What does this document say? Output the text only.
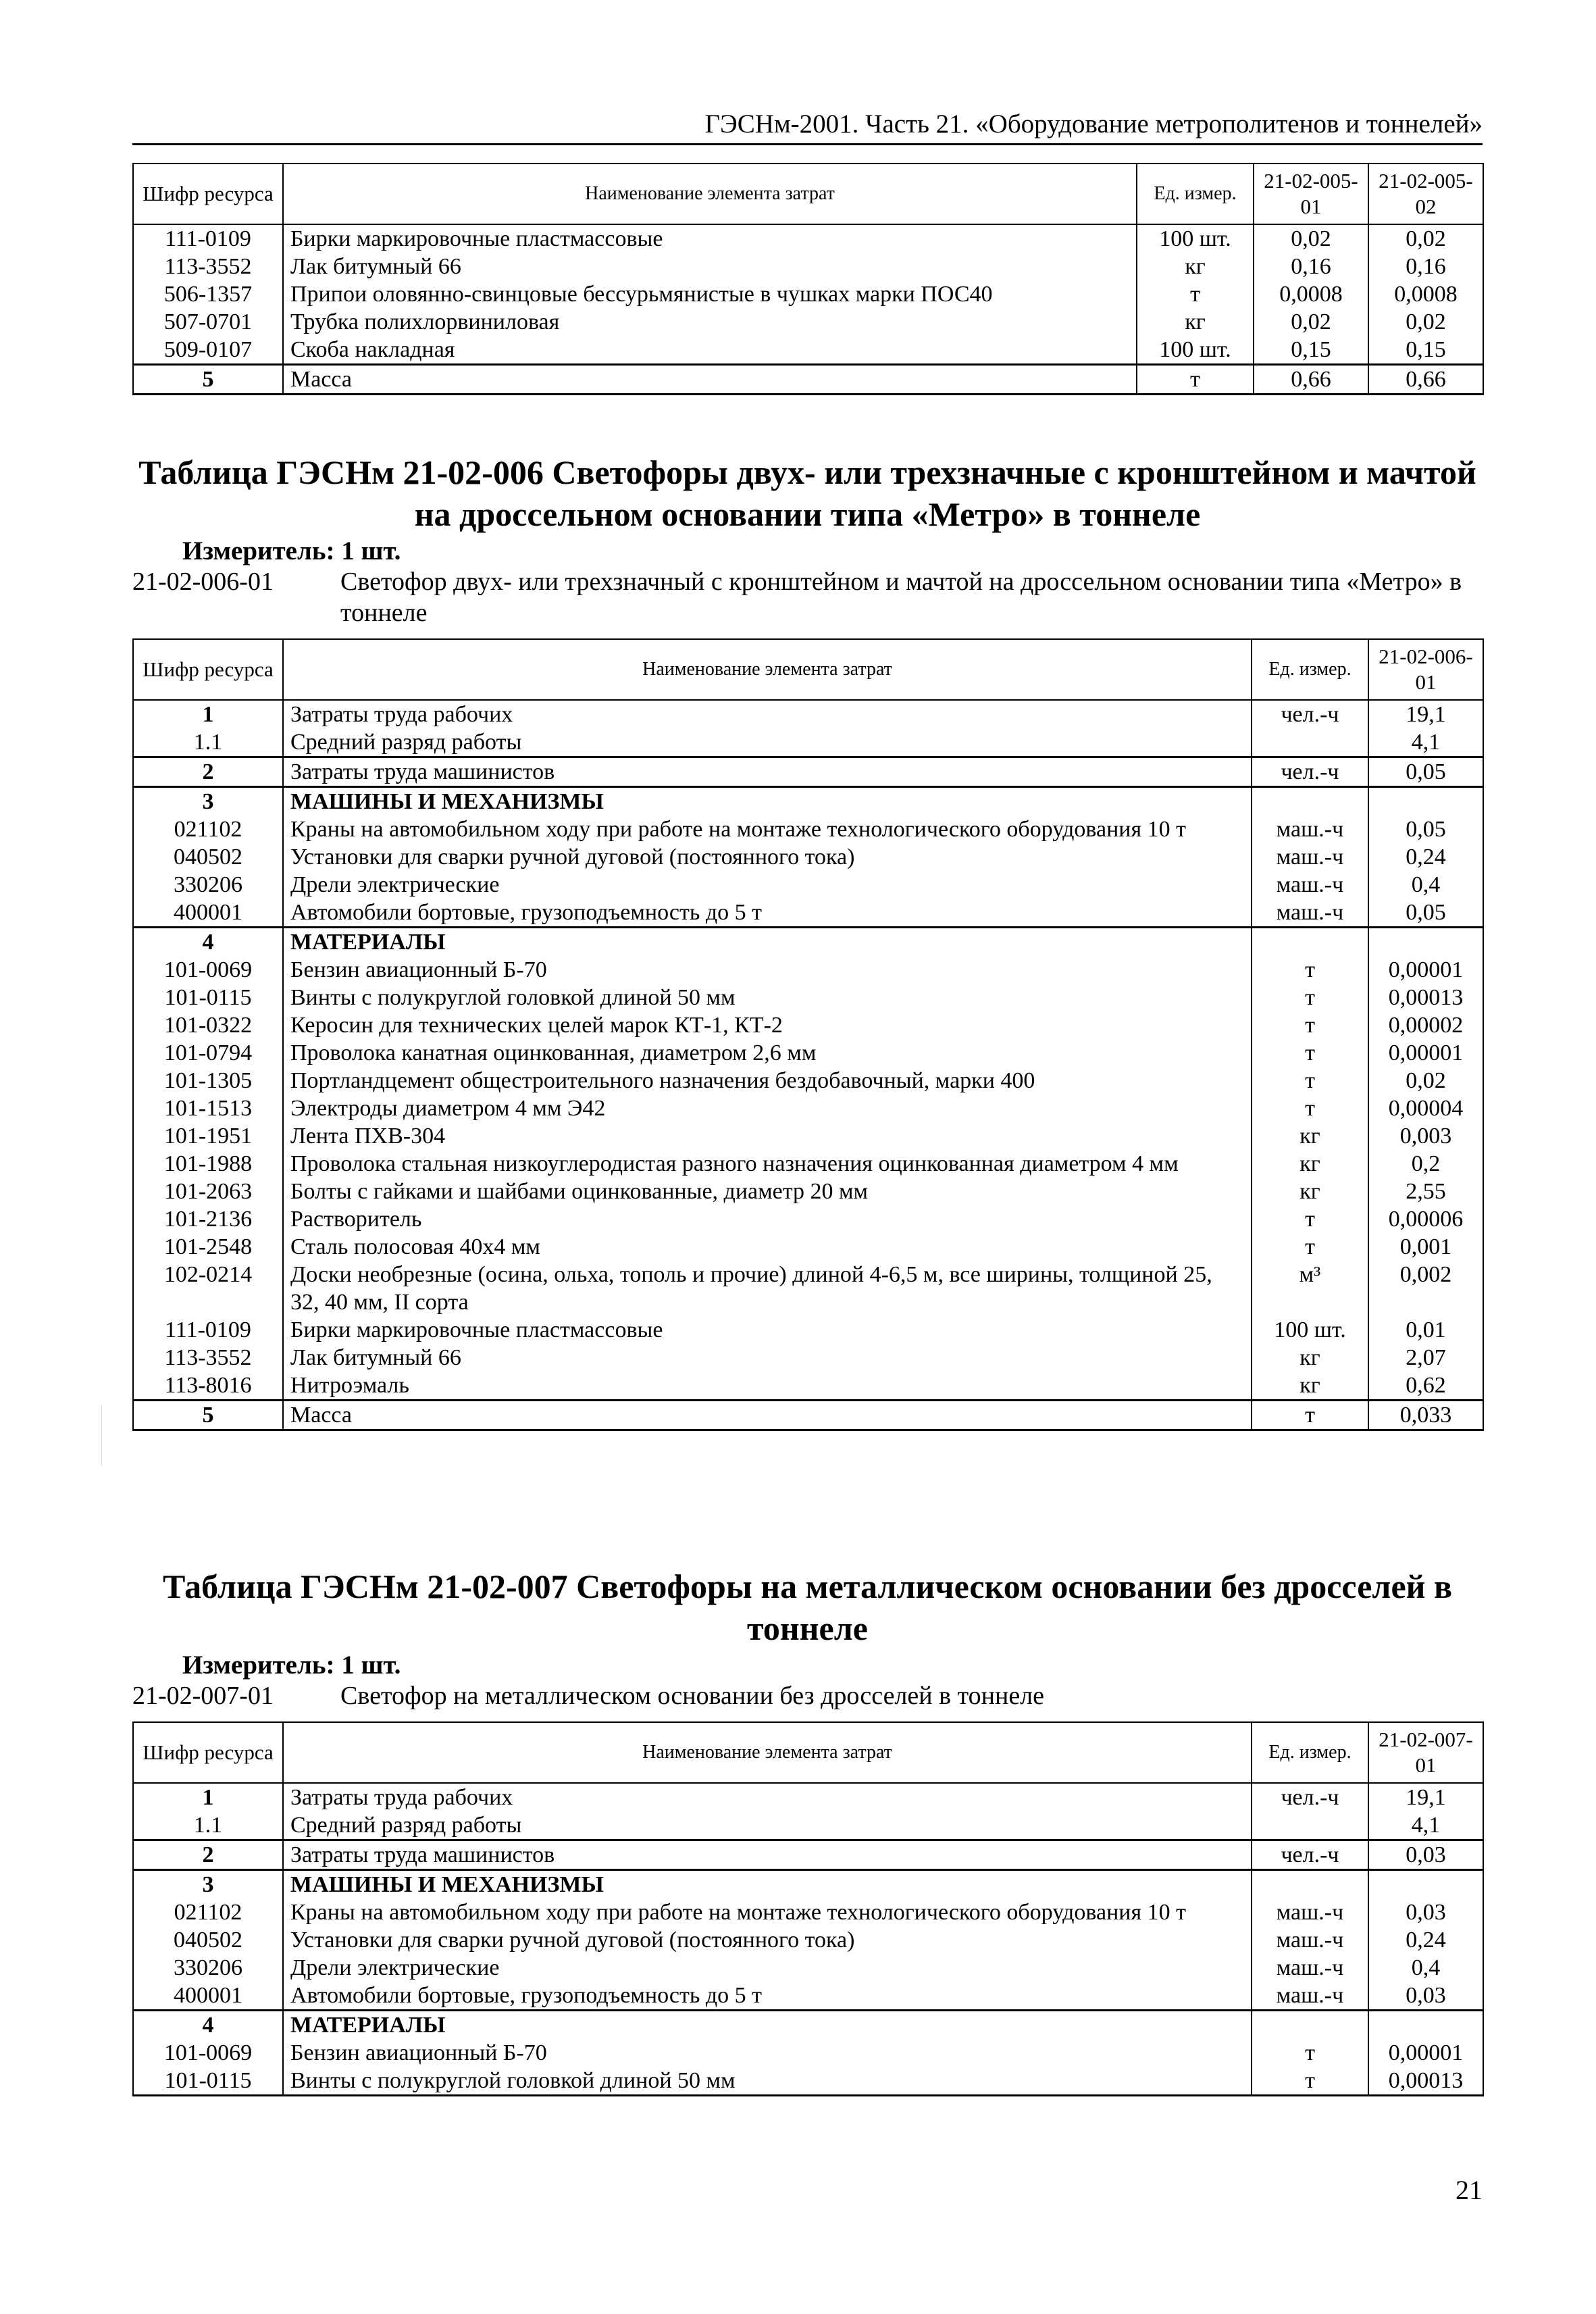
ГЭСНм-2001. Часть 21. «Оборудование метрополитенов и тоннелей»
Шифр ресурса	Наименование элемента затрат	Ед. измер.	21-02-005-01	21-02-005-02
111-0109	Бирки маркировочные пластмассовые	100 шт.	0,02	0,02
113-3552	Лак битумный 66	кг	0,16	0,16
506-1357	Припои оловянно-свинцовые бессурьмянистые в чушках марки ПОС40	т	0,0008	0,0008
507-0701	Трубка полихлорвиниловая	кг	0,02	0,02
509-0107	Скоба накладная	100 шт.	0,15	0,15
5	Масса	т	0,66	0,66
Таблица ГЭСНм 21-02-006 Светофоры двух- или трехзначные с кронштейном и мачтой
на дроссельном основании типа «Метро» в тоннеле
Измеритель: 1 шт.
21-02-006-01	Светофор двух- или трехзначный с кронштейном и мачтой на дроссельном основании типа «Метро» в тоннеле
Шифр ресурса	Наименование элемента затрат	Ед. измер.	21-02-006-01
1	Затраты труда рабочих	чел.-ч	19,1
1.1	Средний разряд работы		4,1
2	Затраты труда машинистов	чел.-ч	0,05
3	МАШИНЫ И МЕХАНИЗМЫ		
021102	Краны на автомобильном ходу при работе на монтаже технологического оборудования 10 т	маш.-ч	0,05
040502	Установки для сварки ручной дуговой (постоянного тока)	маш.-ч	0,24
330206	Дрели электрические	маш.-ч	0,4
400001	Автомобили бортовые, грузоподъемность до 5 т	маш.-ч	0,05
4	МАТЕРИАЛЫ		
101-0069	Бензин авиационный Б-70	т	0,00001
101-0115	Винты с полукруглой головкой длиной 50 мм	т	0,00013
101-0322	Керосин для технических целей марок КТ-1, КТ-2	т	0,00002
101-0794	Проволока канатная оцинкованная, диаметром 2,6 мм	т	0,00001
101-1305	Портландцемент общестроительного назначения бездобавочный, марки 400	т	0,02
101-1513	Электроды диаметром 4 мм Э42	т	0,00004
101-1951	Лента ПХВ-304	кг	0,003
101-1988	Проволока стальная низкоуглеродистая разного назначения оцинкованная диаметром 4 мм	кг	0,2
101-2063	Болты с гайками и шайбами оцинкованные, диаметр 20 мм	кг	2,55
101-2136	Растворитель	т	0,00006
101-2548	Сталь полосовая 40х4 мм	т	0,001
102-0214	Доски необрезные (осина, ольха, тополь и прочие) длиной 4-6,5 м, все ширины, толщиной 25, 32, 40 мм, II сорта	м³	0,002
111-0109	Бирки маркировочные пластмассовые	100 шт.	0,01
113-3552	Лак битумный 66	кг	2,07
113-8016	Нитроэмаль	кг	0,62
5	Масса	т	0,033
Таблица ГЭСНм 21-02-007 Светофоры на металлическом основании без дросселей в
тоннеле
Измеритель: 1 шт.
21-02-007-01	Светофор на металлическом основании без дросселей в тоннеле
Шифр ресурса	Наименование элемента затрат	Ед. измер.	21-02-007-01
1	Затраты труда рабочих	чел.-ч	19,1
1.1	Средний разряд работы		4,1
2	Затраты труда машинистов	чел.-ч	0,03
3	МАШИНЫ И МЕХАНИЗМЫ		
021102	Краны на автомобильном ходу при работе на монтаже технологического оборудования 10 т	маш.-ч	0,03
040502	Установки для сварки ручной дуговой (постоянного тока)	маш.-ч	0,24
330206	Дрели электрические	маш.-ч	0,4
400001	Автомобили бортовые, грузоподъемность до 5 т	маш.-ч	0,03
4	МАТЕРИАЛЫ		
101-0069	Бензин авиационный Б-70	т	0,00001
101-0115	Винты с полукруглой головкой длиной 50 мм	т	0,00013
21
